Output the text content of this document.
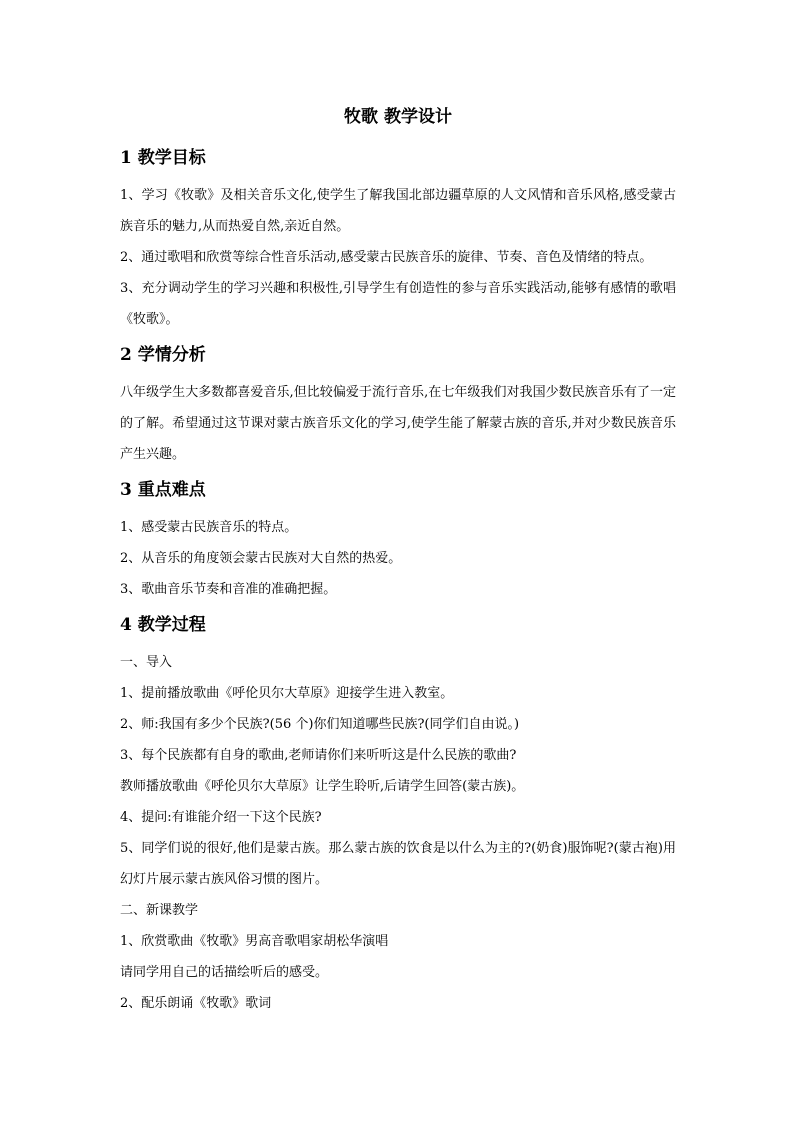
牧歌 教学设计
1 教学目标

1、学习《牧歌》及相关音乐文化,使学生了解我国北部边疆草原的人文风情和音乐风格,感受蒙古族音乐的魅力,从而热爱自然,亲近自然。

2、通过歌唱和欣赏等综合性音乐活动,感受蒙古民族音乐的旋律、节奏、音色及情绪的特点。

3、充分调动学生的学习兴趣和积极性,引导学生有创造性的参与音乐实践活动,能够有感情的歌唱《牧歌》。

2 学情分析

八年级学生大多数都喜爱音乐,但比较偏爱于流行音乐,在七年级我们对我国少数民族音乐有了一定的了解。希望通过这节课对蒙古族音乐文化的学习,使学生能了解蒙古族的音乐,并对少数民族音乐产生兴趣。

3 重点难点

1、感受蒙古民族音乐的特点。

2、从音乐的角度领会蒙古民族对大自然的热爱。

3、歌曲音乐节奏和音准的准确把握。

4 教学过程

一、导入

1、提前播放歌曲《呼伦贝尔大草原》迎接学生进入教室。

2、师:我国有多少个民族?(56 个)你们知道哪些民族?(同学们自由说。)

3、每个民族都有自身的歌曲,老师请你们来听听这是什么民族的歌曲?

教师播放歌曲《呼伦贝尔大草原》让学生聆听,后请学生回答(蒙古族)。

4、提问:有谁能介绍一下这个民族?

5、同学们说的很好,他们是蒙古族。那么蒙古族的饮食是以什么为主的?(奶食)服饰呢?(蒙古袍)用幻灯片展示蒙古族风俗习惯的图片。

二、新课教学

1、欣赏歌曲《牧歌》男高音歌唱家胡松华演唱

请同学用自己的话描绘听后的感受。

2、配乐朗诵《牧歌》歌词
